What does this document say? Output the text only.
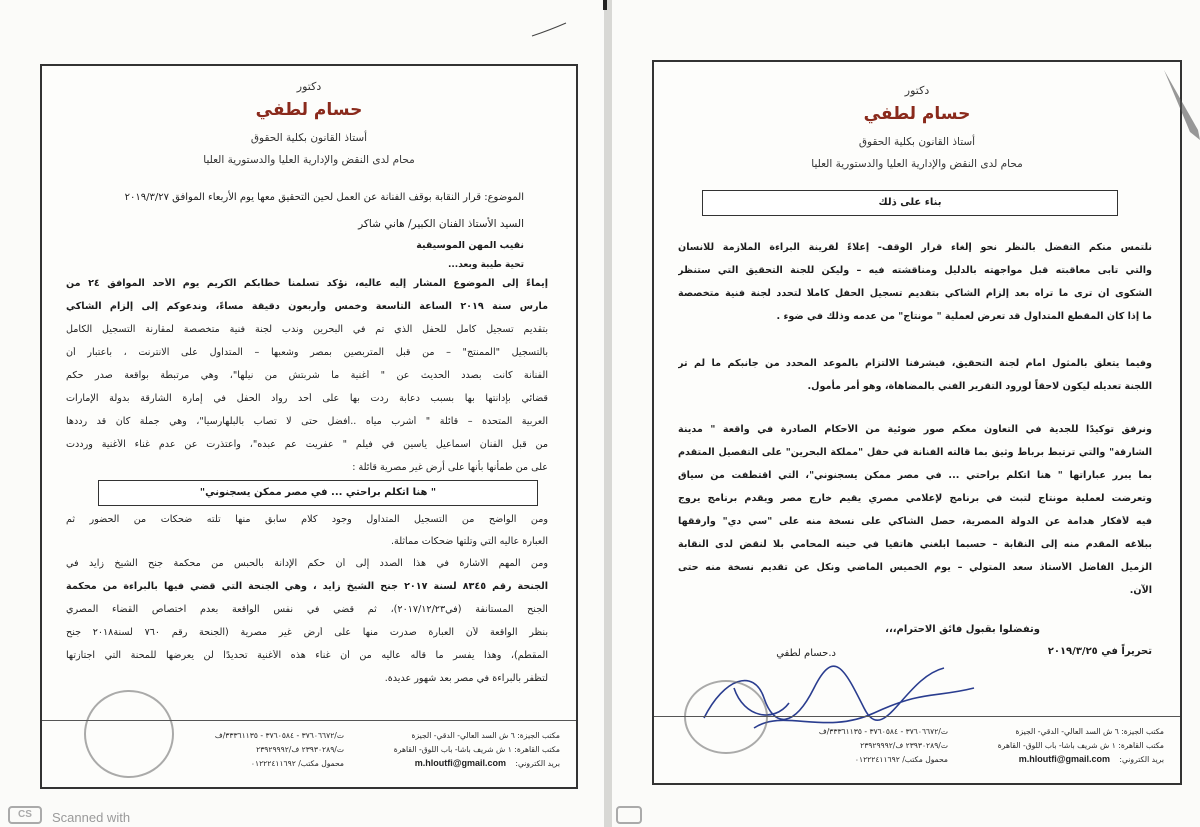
دكتور
حسام لطفي
أستاذ القانون بكلية الحقوق
محام لدى النقض والإدارية العليا والدستورية العليا
الموضوع: قرار النقابة بوقف الفنانة عن العمل لحين التحقيق معها يوم الأربعاء الموافق ٢٠١٩/٣/٢٧
السيد الأستاذ الفنان الكبير/ هاني شاكر
نقيب المهن الموسيقية
تحية طيبة وبعد...
إيماءً إلى الموضوع المشار إليه عاليه، نؤكد تسلمنا خطابكم الكريم يوم الأحد الموافق ٢٤ من
مارس سنة ٢٠١٩ الساعة التاسعة وخمس وأربعون دقيقة مساءً، وندعوكم إلى إلزام الشاكي
بتقديم تسجيل كامل للحفل الذي تم في البحرين وندب لجنة فنية متخصصة لمقارنة التسجيل الكامل
بالتسجيل "الممنتج" – من قبل المتربصين بمصر وشعبها – المتداول على الانترنت ، باعتبار أن
الفنانة كانت بصدد الحديث عن " أغنية ما شربتش من نيلها"، وهي مرتبطة بواقعة صدر حكم
قضائي بإدانتها بها بسبب دعابة ردت بها على أحد رواد الحفل في إمارة الشارقة بدولة الإمارات
العربية المتحدة – قائلة " أشرب مياه ..أفضل حتى لا تصاب بالبلهارسيا"، وهي جملة كان قد رددها
من قبل الفنان اسماعيل ياسين في فيلم " عفريت عم عبده"، واعتذرت عن عدم غناء الأغنية ورددت
على من طمأنها بأنها على أرض غير مصرية قائلة :
" هنا اتكلم براحتي ... في مصر ممكن يسجنوني"
ومن الواضح من التسجيل المتداول وجود كلام سابق منها تلته ضحكات من الحضور ثم
العبارة عاليه التي وتلتها ضحكات مماثلة.
ومن المهم الاشارة في هذا الصدد إلى أن حكم الإدانة بالحبس من محكمة جنح الشيخ زايد في
الجنحة رقم ٨٣٤٥ لسنة ٢٠١٧ جنح الشيخ زايد ، وهي الجنحة التي قضي فيها بالبراءة من محكمة
الجنح المستأنفة (في٢٠١٧/١٢/٢٣)، ثم قضي في نفس الواقعة بعدم اختصاص القضاء المصري
بنظر الواقعة لأن العبارة صدرت منها على أرض غير مصرية (الجنحة رقم ٧٦٠ لسنة٢٠١٨ جنح
المقطم)، وهذا يفسر ما قاله عاليه من أن غناء هذه الأغنية تحديدًا لن يعرضها للمحنة التي اجتازتها
لتظفر بالبراءة في مصر بعد شهور عديدة.
مكتب الجيزة: ٦ ش السد العالي- الدقي- الجيزة
ت/٣٧٦٠٦٦٧٢ - ٣٧٦٠٥٨٤ - ٣٣٣٦١١٣٥/ف
مكتب القاهرة: ١ ش شريف باشا- باب اللوق- القاهرة
ت/٢٣٩٣٠٢٨٩ ف/٢٣٩٢٩٩٩٢
بريد الكتروني:
m.hloutfi@gmail.com
محمول مكتب/ ٠١٢٢٢٤١١٦٩٢
CS	Scanned with
دكتور
حسام لطفي
أستاذ القانون بكلية الحقوق
محام لدى النقض والإدارية العليا والدستورية العليا
بناء على ذلك
نلتمس منكم التفضل بالنظر نحو إلغاء قرار الوقف- إعلاءً لقرينة البراءة الملازمة للانسان
والتي تأبى معاقبته قبل مواجهته بالدليل ومناقشته فيه – وليكن للجنة التحقيق التي ستنظر
الشكوى أن ترى ما تراه بعد إلزام الشاكي بتقديم تسجيل الحفل كاملا لتحدد لجنة فنية متخصصة
ما إذا كان المقطع المتداول قد تعرض لعملية " مونتاج" من عدمه وذلك في ضوء .
وفيما يتعلق بالمثول أمام لجنة التحقيق، فيشرفنا الالتزام بالموعد المحدد من جانبكم ما لم تر
اللجنة تعديله ليكون لاحقاً لورود التقرير الفني بالمضاهاة، وهو أمر مأمول.
ونرفق توكيدًا للجدية في التعاون معكم صور ضوئية من الأحكام الصادرة في واقعة " مدينة
الشارقة" والتي ترتبط برباط وثيق بما قالته الفنانة في حفل "مملكة البحرين" على التفصيل المتقدم
بما يبرر عباراتها " هنا اتكلم براحتي ... في مصر ممكن يسجنوني"، التي اقتطفت من سياق
وتعرضت لعملية مونتاج لتبث في برنامج لإعلامي مصري يقيم خارج مصر ويقدم برنامج يروج
فيه لأفكار هدامة عن الدولة المصرية، حصل الشاكي على نسخة منه على "سي دي" وأرفقها
ببلاغه المقدم منه إلى النقابة – حسبما أبلغني هاتفيا في حينه المحامي بلا لنقض لدى النقابة
الزميل الفاضل الأستاذ سعد المتولي – يوم الخميس الماضي ونكل عن تقديم نسخة منه حتى
الآن.
وتفضلوا بقبول فائق الاحترام،،،
تحريراً في ٢٠١٩/٣/٢٥
د.حسام لطفي
مكتب الجيزة: ٦ ش السد العالي- الدقي- الجيزة
ت/٣٧٦٠٦٦٧٢ - ٣٧٦٠٥٨٤ - ٣٣٣٦١١٣٥/ف
مكتب القاهرة: ١ ش شريف باشا- باب اللوق- القاهرة
ت/٢٣٩٣٠٢٨٩ ف/٢٣٩٢٩٩٩٢
بريد الكتروني:
m.hloutfi@gmail.com
محمول مكتب/ ٠١٢٢٢٤١١٦٩٢
